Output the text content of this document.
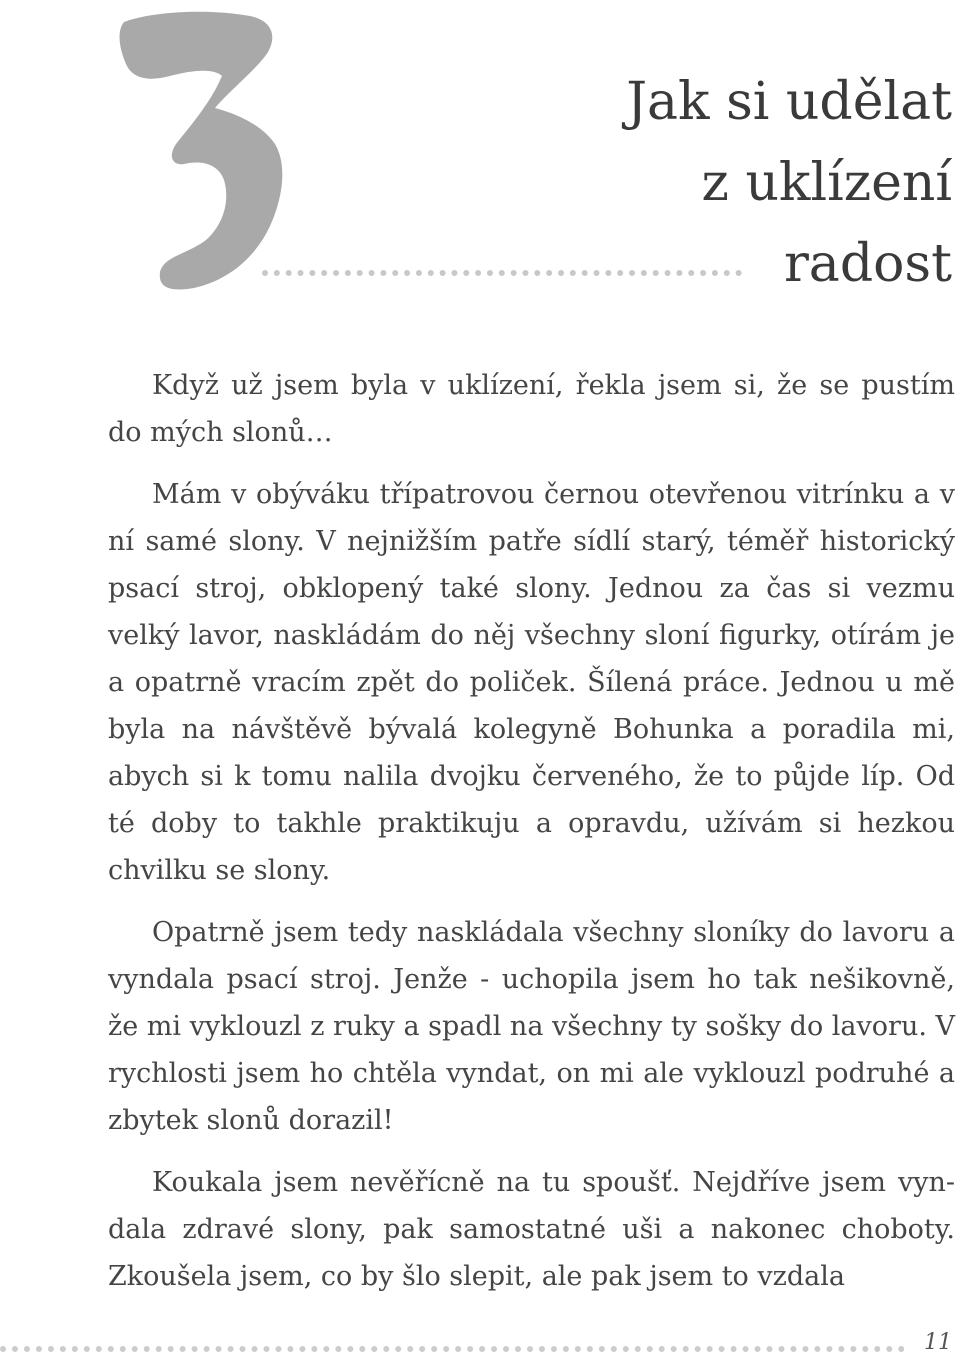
Jak si udělat
z uklízení
radost

Když už jsem byla v uklízení, řekla jsem si, že se pustím do mých slonů…

Mám v obýváku třípatrovou černou otevřenou vitrínku a v ní samé slony. V nejnižším patře sídlí starý, téměř historický psací stroj, obklopený také slony. Jednou za čas si vezmu velký lavor, naskládám do něj všechny sloní figurky, otírám je a opatrně vracím zpět do poliček. Šílená práce. Jednou u mě byla na návštěvě bývalá kolegyně Bohunka a poradila mi, abych si k tomu nalila dvojku červeného, že to půjde líp. Od té doby to takhle praktikuju a opravdu, užívám si hezkou chvilku se slony.

Opatrně jsem tedy naskládala všechny sloníky do lavoru a vyndala psací stroj. Jenže - uchopila jsem ho tak nešikovně, že mi vyklouzl z ruky a spadl na všechny ty sošky do lavoru. V rychlosti jsem ho chtěla vyndat, on mi ale vyklouzl podruhé a zbytek slonů dorazil!

Koukala jsem nevěřícně na tu spoušť. Nejdříve jsem vyndala zdravé slony, pak samostatné uši a nakonec choboty. Zkoušela jsem, co by šlo slepit, ale pak jsem to vzdala

11
